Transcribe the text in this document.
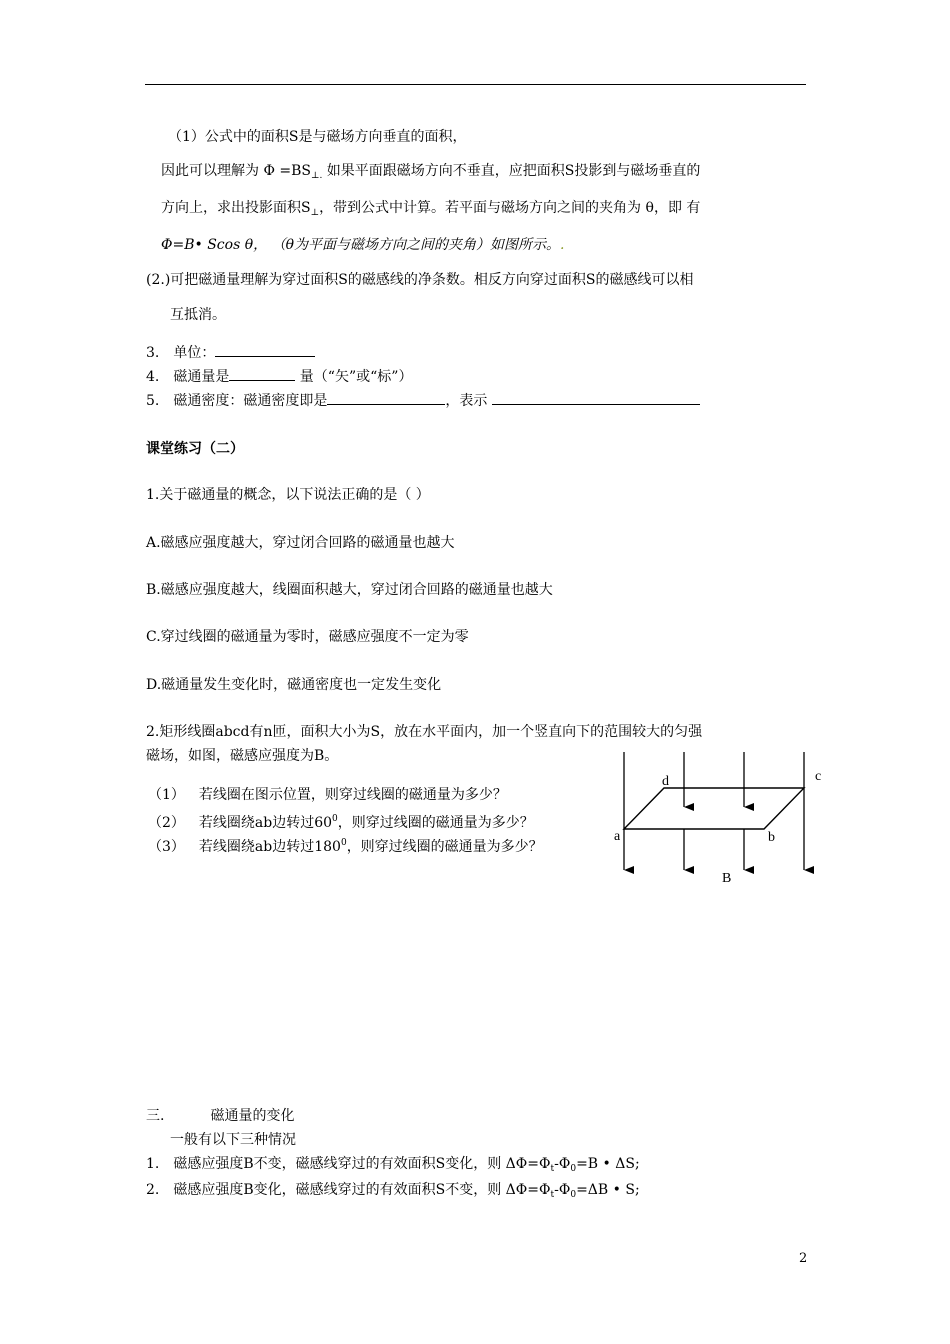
（1）公式中的面积S是与磁场方向垂直的面积，
因此可以理解为 $\Phi =BS_{\perp.}$ 如果平面跟磁场方向不垂直，应把面积S投影到与磁场垂直的
方向上，求出投影面积$S_\perp$，带到公式中计算。若平面与磁场方向之间的夹角为 θ，即 有
Φ=B• Scos θ， （θ为平面与磁场方向之间的夹角）如图所示。.
(2.)可把磁通量理解为穿过面积S的磁感线的净条数。相反方向穿过面积S的磁感线可以相
互抵消。
3. 单位：
4. 磁通量是	量（“矢”或“标”）
5. 磁通密度：磁通密度即是	，表示
课堂练习（二）
1.关于磁通量的概念，以下说法正确的是（ ）
A.磁感应强度越大，穿过闭合回路的磁通量也越大
B.磁感应强度越大，线圈面积越大，穿过闭合回路的磁通量也越大
C.穿过线圈的磁通量为零时，磁感应强度不一定为零
D.磁通量发生变化时，磁通密度也一定发生变化
2.矩形线圈abcd有n匝，面积大小为S，放在水平面内，加一个竖直向下的范围较大的匀强
磁场，如图，磁感应强度为B。
（1） 若线圈在图示位置，则穿过线圈的磁通量为多少？
（2） 若线圈绕ab边转过$60^0$，则穿过线圈的磁通量为多少？
（3） 若线圈绕ab边转过$180^0$，则穿过线圈的磁通量为多少？
a	b
c
d
B
三.	磁通量的变化
一般有以下三种情况
1. 磁感应强度B不变，磁感线穿过的有效面积S变化，则 $\Delta\Phi=\Phi_t-\Phi_0=B$ • ΔS;
2. 磁感应强度B变化，磁感线穿过的有效面积S不变，则 $\Delta\Phi=\Phi_t-\Phi_0=\Delta B$ • S;
2
